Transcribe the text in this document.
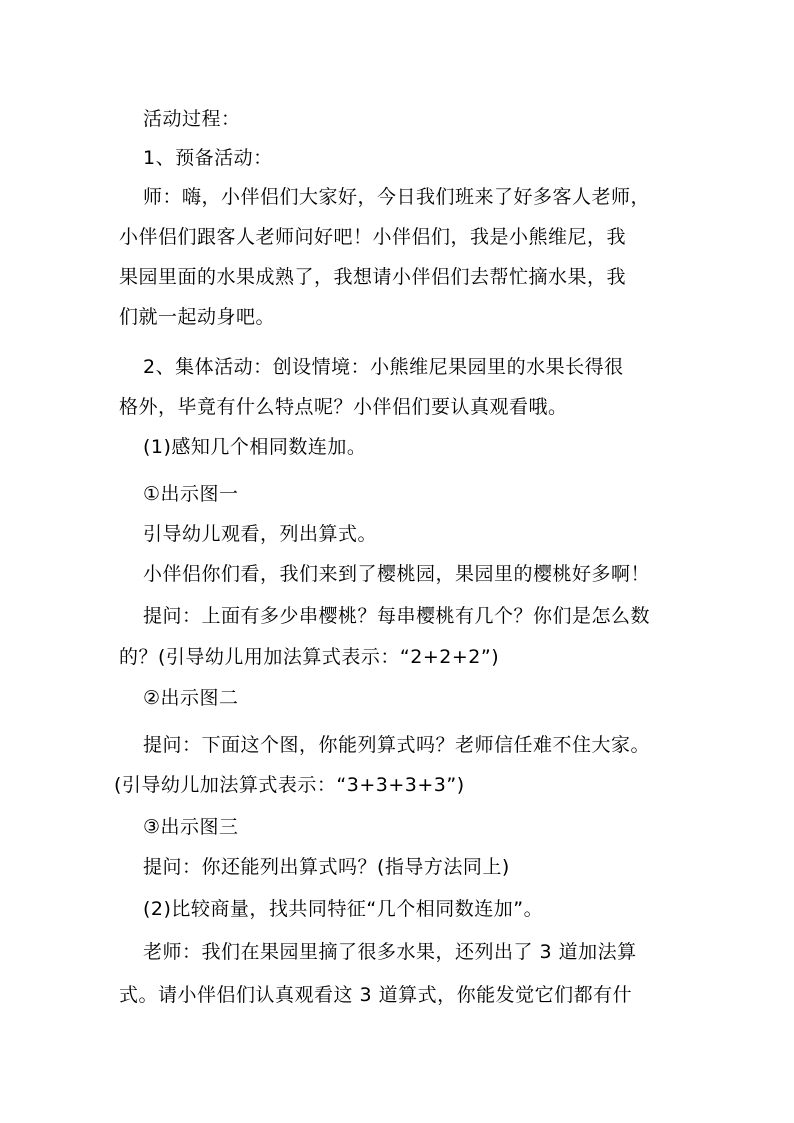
活动过程：
1、预备活动：
师：嗨，小伴侣们大家好，今日我们班来了好多客人老师，
小伴侣们跟客人老师问好吧！小伴侣们，我是小熊维尼，我
果园里面的水果成熟了，我想请小伴侣们去帮忙摘水果，我
们就一起动身吧。
2、集体活动：创设情境：小熊维尼果园里的水果长得很
格外，毕竟有什么特点呢？小伴侣们要认真观看哦。
(1)感知几个相同数连加。
①出示图一
引导幼儿观看，列出算式。
小伴侣你们看，我们来到了樱桃园，果园里的樱桃好多啊！
提问：上面有多少串樱桃？每串樱桃有几个？你们是怎么数
的？(引导幼儿用加法算式表示：“2+2+2”)
②出示图二
提问：下面这个图，你能列算式吗？老师信任难不住大家。
(引导幼儿加法算式表示：“3+3+3+3”)
③出示图三
提问：你还能列出算式吗？(指导方法同上)
(2)比较商量，找共同特征“几个相同数连加”。
老师：我们在果园里摘了很多水果，还列出了 3 道加法算
式。请小伴侣们认真观看这 3 道算式，你能发觉它们都有什
